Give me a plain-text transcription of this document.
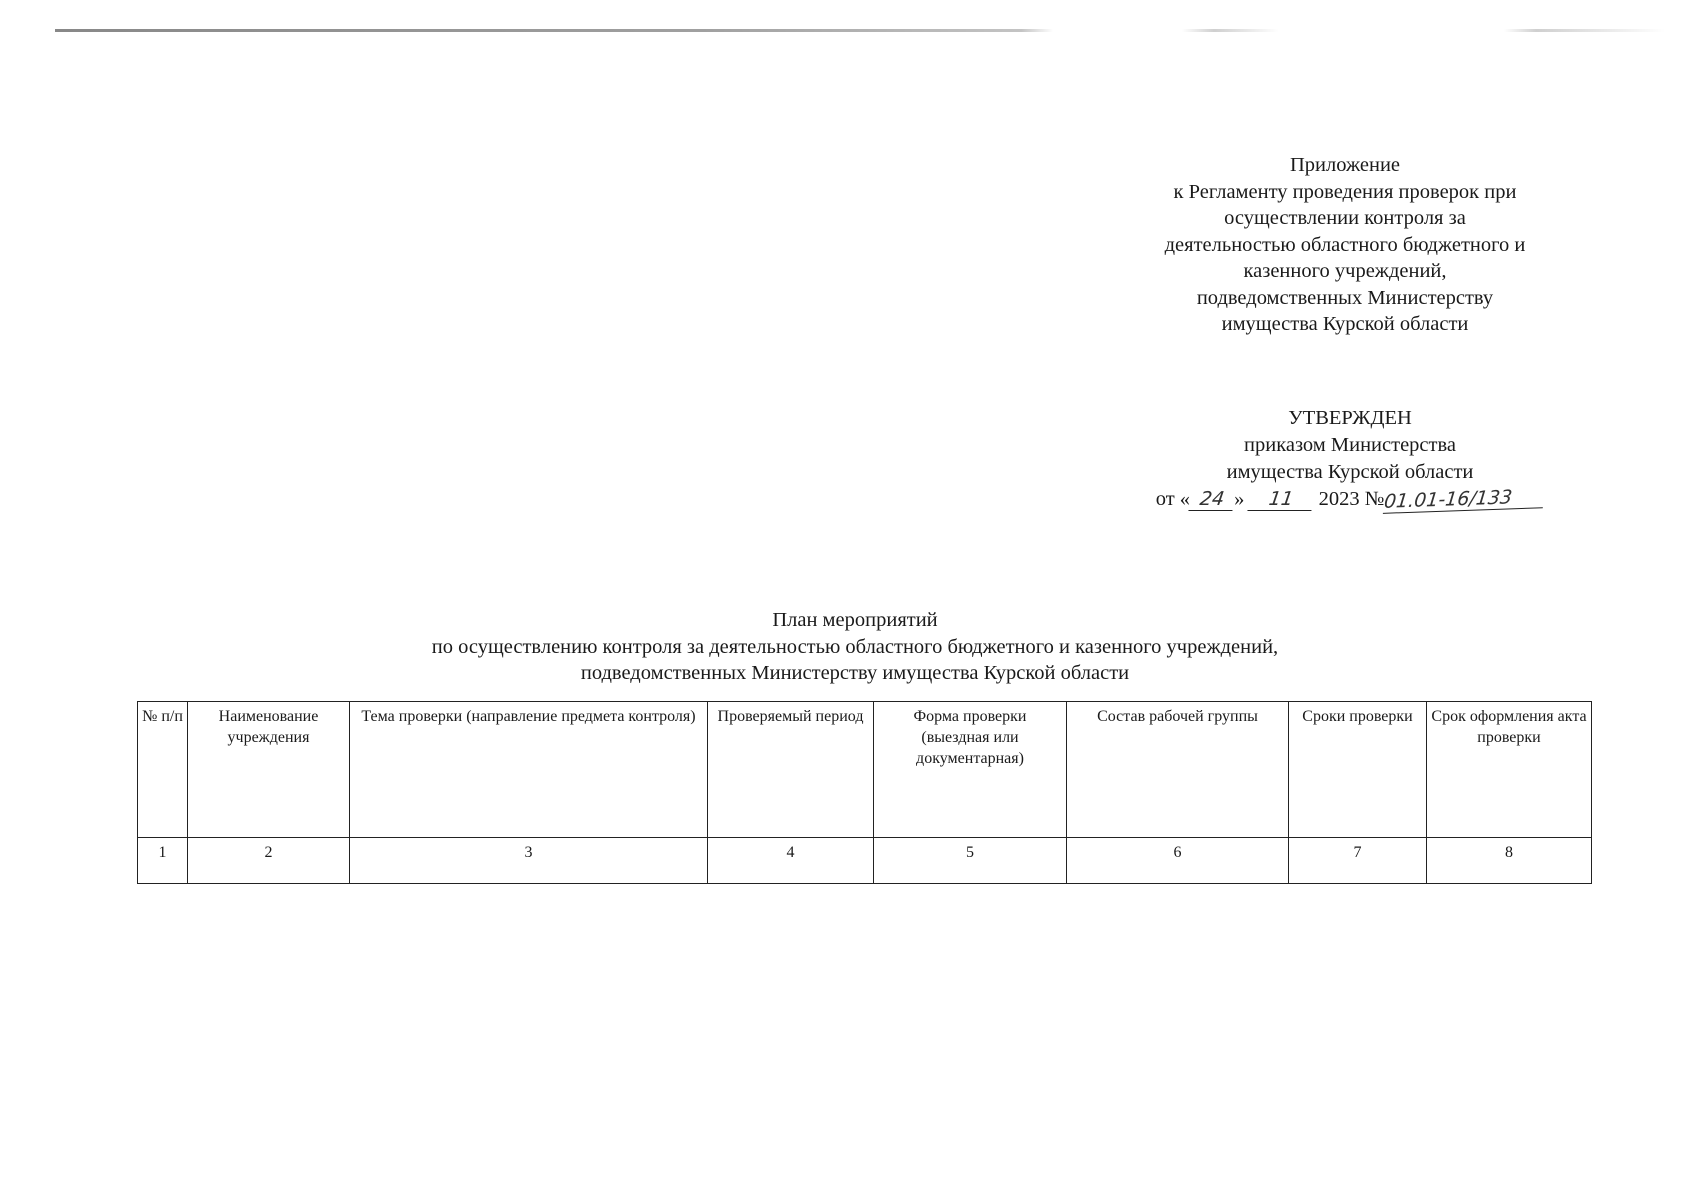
Приложение
к Регламенту проведения проверок при
осуществлении контроля за
деятельностью областного бюджетного и
казенного учреждений,
подведомственных Министерству
имущества Курской области
УТВЕРЖДЕН
приказом Министерства
имущества Курской области
от « 24 » 11 2023 №01.01-16/133
План мероприятий
по осуществлению контроля за деятельностью областного бюджетного и казенного учреждений,
подведомственных Министерству имущества Курской области
№ п/п	Наименование учреждения	Тема проверки (направление предмета контроля)	Проверяемый период	Форма проверки (выездная или документарная)	Состав рабочей группы	Сроки проверки	Срок оформления акта проверки
1	2	3	4	5	6	7	8
